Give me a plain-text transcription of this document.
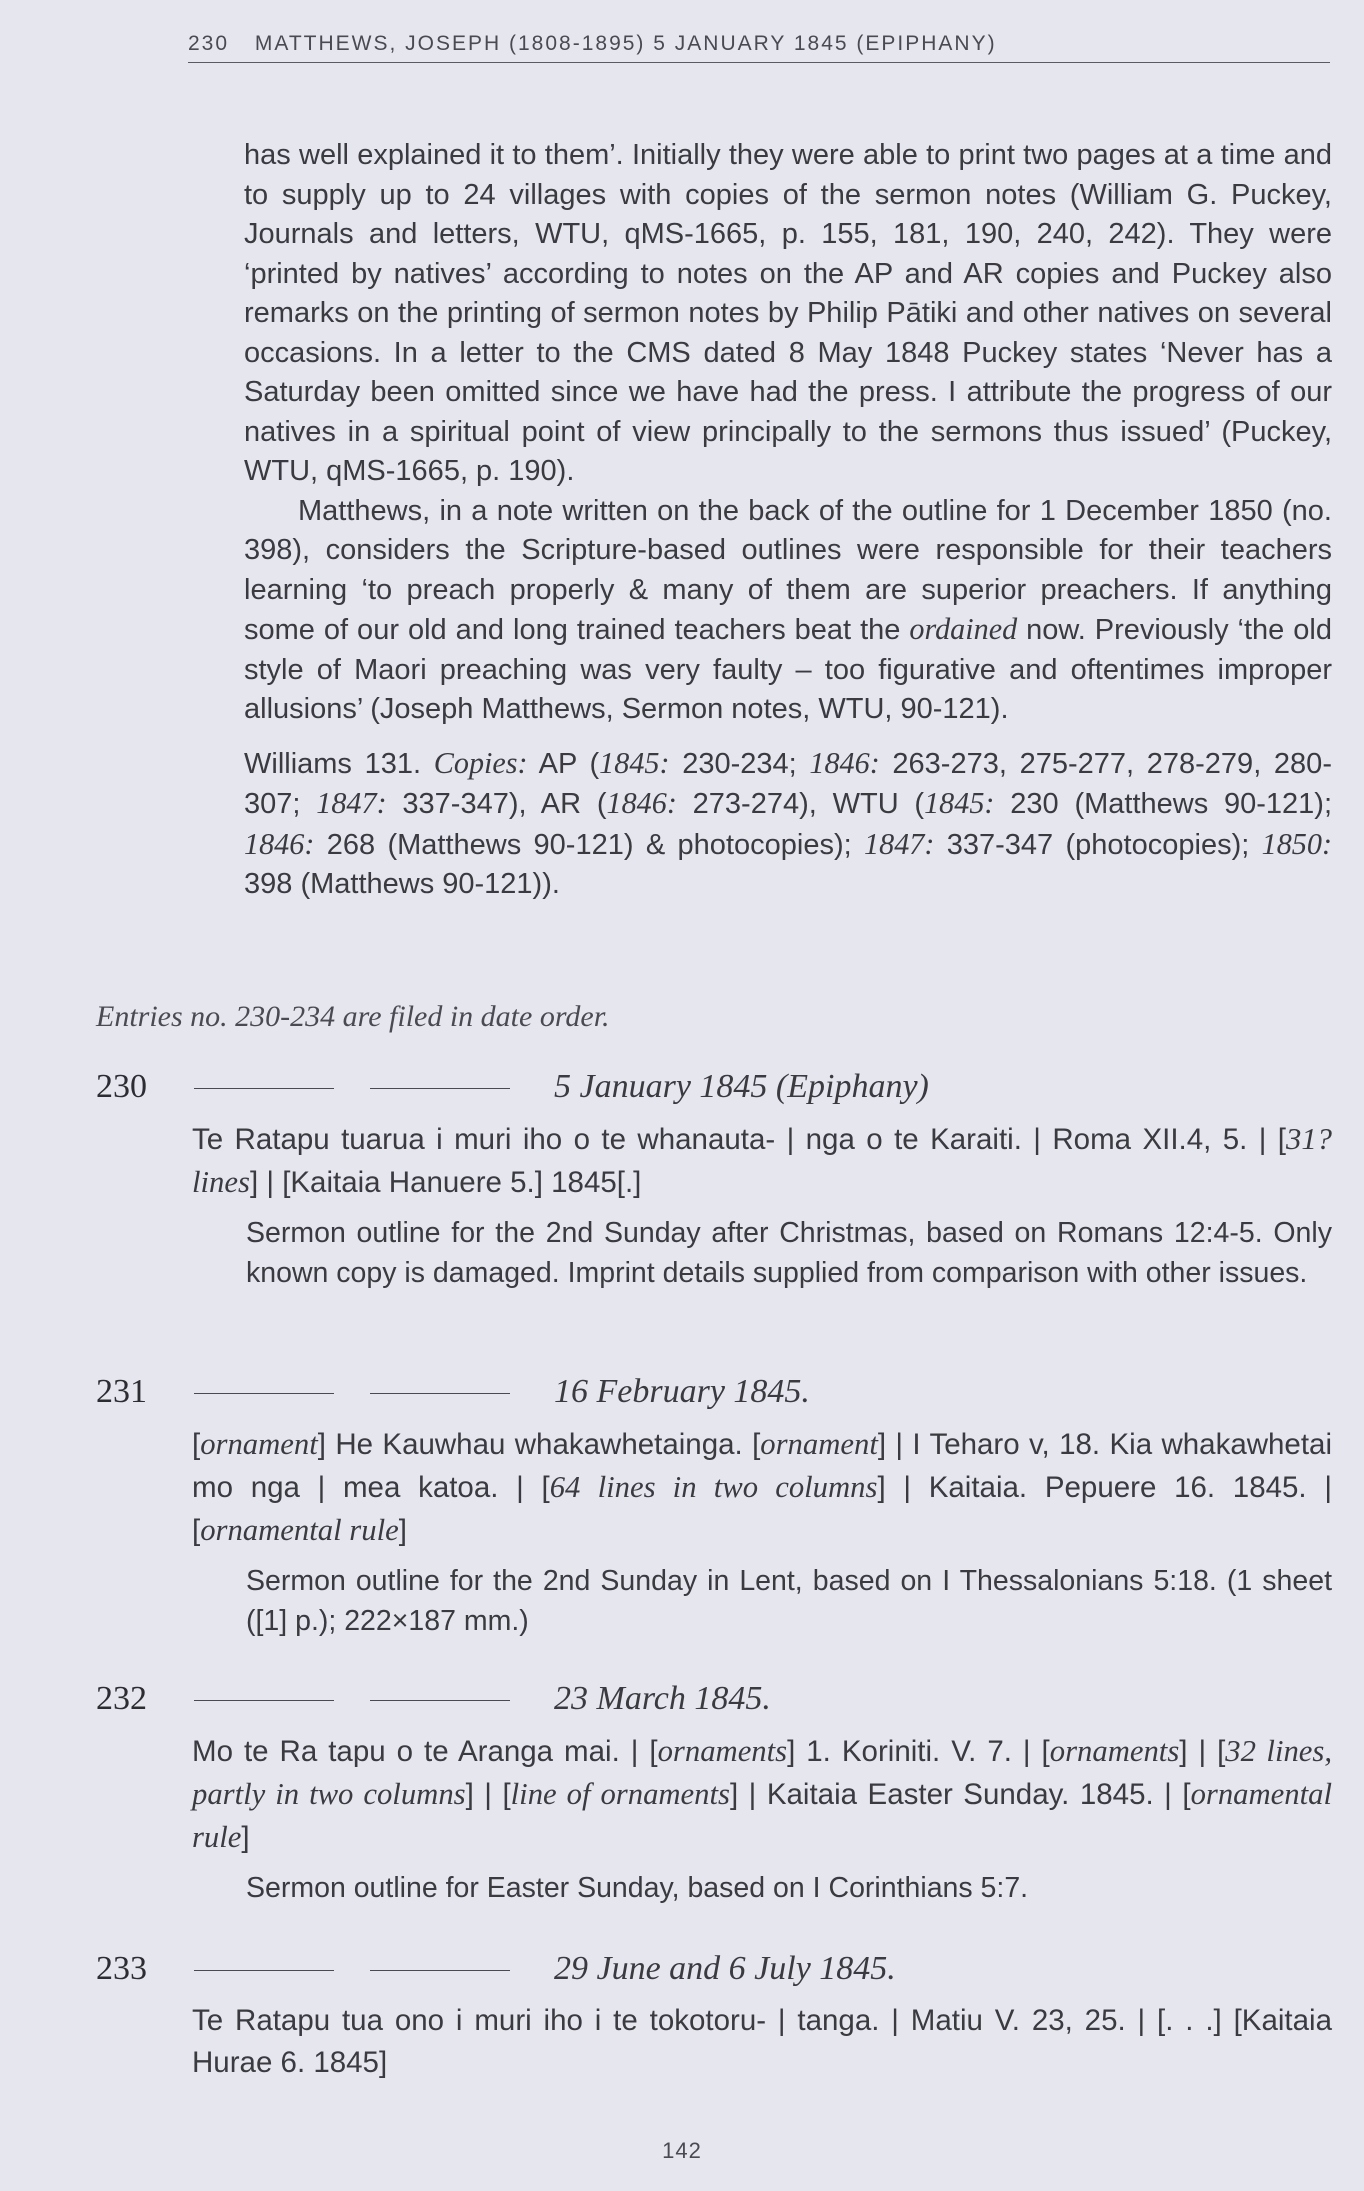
230 MATTHEWS, JOSEPH (1808-1895) 5 JANUARY 1845 (EPIPHANY)

has well explained it to them’. Initially they were able to print two pages at a time and to supply up to 24 villages with copies of the sermon notes (William G. Puckey, Journals and letters, WTU, qMS-1665, p. 155, 181, 190, 240, 242). They were ‘printed by natives’ according to notes on the AP and AR copies and Puckey also remarks on the printing of sermon notes by Philip Pātiki and other natives on several occasions. In a letter to the CMS dated 8 May 1848 Puckey states ‘Never has a Saturday been omitted since we have had the press. I attribute the progress of our natives in a spiritual point of view principally to the sermons thus issued’ (Puckey, WTU, qMS-1665, p. 190).

Matthews, in a note written on the back of the outline for 1 December 1850 (no. 398), considers the Scripture-based outlines were responsible for their teachers learning ‘to preach properly & many of them are superior preachers. If anything some of our old and long trained teachers beat the ordained now. Previously ‘the old style of Maori preaching was very faulty – too figurative and oftentimes improper allusions’ (Joseph Matthews, Sermon notes, WTU, 90-121).

Williams 131. Copies: AP (1845: 230-234; 1846: 263-273, 275-277, 278-279, 280-307; 1847: 337-347), AR (1846: 273-274), WTU (1845: 230 (Matthews 90-121); 1846: 268 (Matthews 90-121) & photocopies); 1847: 337-347 (photocopies); 1850: 398 (Matthews 90-121)).

Entries no. 230-234 are filed in date order.
230	5 January 1845 (Epiphany)
Te Ratapu tuarua i muri iho o te whanauta- | nga o te Karaiti. | Roma XII.4, 5. | [31? lines] | [Kaitaia Hanuere 5.] 1845[.]
Sermon outline for the 2nd Sunday after Christmas, based on Romans 12:4-5. Only known copy is damaged. Imprint details supplied from comparison with other issues.
231	16 February 1845.
[ornament] He Kauwhau whakawhetainga. [ornament] | I Teharo v, 18. Kia whakawhetai mo nga | mea katoa. | [64 lines in two columns] | Kaitaia. Pepuere 16. 1845. | [ornamental rule]
Sermon outline for the 2nd Sunday in Lent, based on I Thessalonians 5:18. (1 sheet ([1] p.); 222×187 mm.)
232	23 March 1845.
Mo te Ra tapu o te Aranga mai. | [ornaments] 1. Koriniti. V. 7. | [ornaments] | [32 lines, partly in two columns] | [line of ornaments] | Kaitaia Easter Sunday. 1845. | [ornamental rule]
Sermon outline for Easter Sunday, based on I Corinthians 5:7.
233	29 June and 6 July 1845.
Te Ratapu tua ono i muri iho i te tokotoru- | tanga. | Matiu V. 23, 25. | [. . .] [Kaitaia Hurae 6. 1845]
142
